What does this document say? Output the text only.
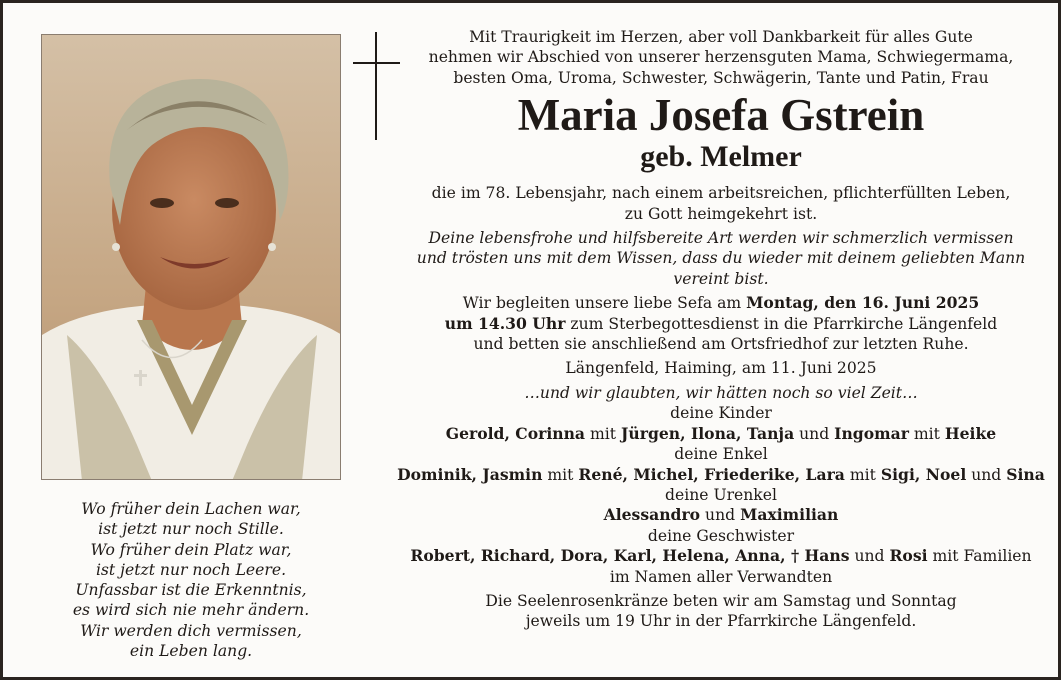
Wo früher dein Lachen war,
ist jetzt nur noch Stille.
Wo früher dein Platz war,
ist jetzt nur noch Leere.
Unfassbar ist die Erkenntnis,
es wird sich nie mehr ändern.
Wir werden dich vermissen,
ein Leben lang.
Mit Traurigkeit im Herzen, aber voll Dankbarkeit für alles Gute
nehmen wir Abschied von unserer herzensguten Mama, Schwiegermama,
besten Oma, Uroma, Schwester, Schwägerin, Tante und Patin, Frau
Maria Josefa Gstrein
geb. Melmer
die im 78. Lebensjahr, nach einem arbeitsreichen, pflichterfüllten Leben,
zu Gott heimgekehrt ist.
Deine lebensfrohe und hilfsbereite Art werden wir schmerzlich vermissen
und trösten uns mit dem Wissen, dass du wieder mit deinem geliebten Mann
vereint bist.
Wir begleiten unsere liebe Sefa am Montag, den 16. Juni 2025
um 14.30 Uhr zum Sterbegottesdienst in die Pfarrkirche Längenfeld
und betten sie anschließend am Ortsfriedhof zur letzten Ruhe.
Längenfeld, Haiming, am 11. Juni 2025
…und wir glaubten, wir hätten noch so viel Zeit…
deine Kinder
Gerold, Corinna mit Jürgen, Ilona, Tanja und Ingomar mit Heike
deine Enkel
Dominik, Jasmin mit René, Michel, Friederike, Lara mit Sigi, Noel und Sina
deine Urenkel
Alessandro und Maximilian
deine Geschwister
Robert, Richard, Dora, Karl, Helena, Anna, † Hans und Rosi mit Familien
im Namen aller Verwandten
Die Seelenrosenkränze beten wir am Samstag und Sonntag
jeweils um 19 Uhr in der Pfarrkirche Längenfeld.
